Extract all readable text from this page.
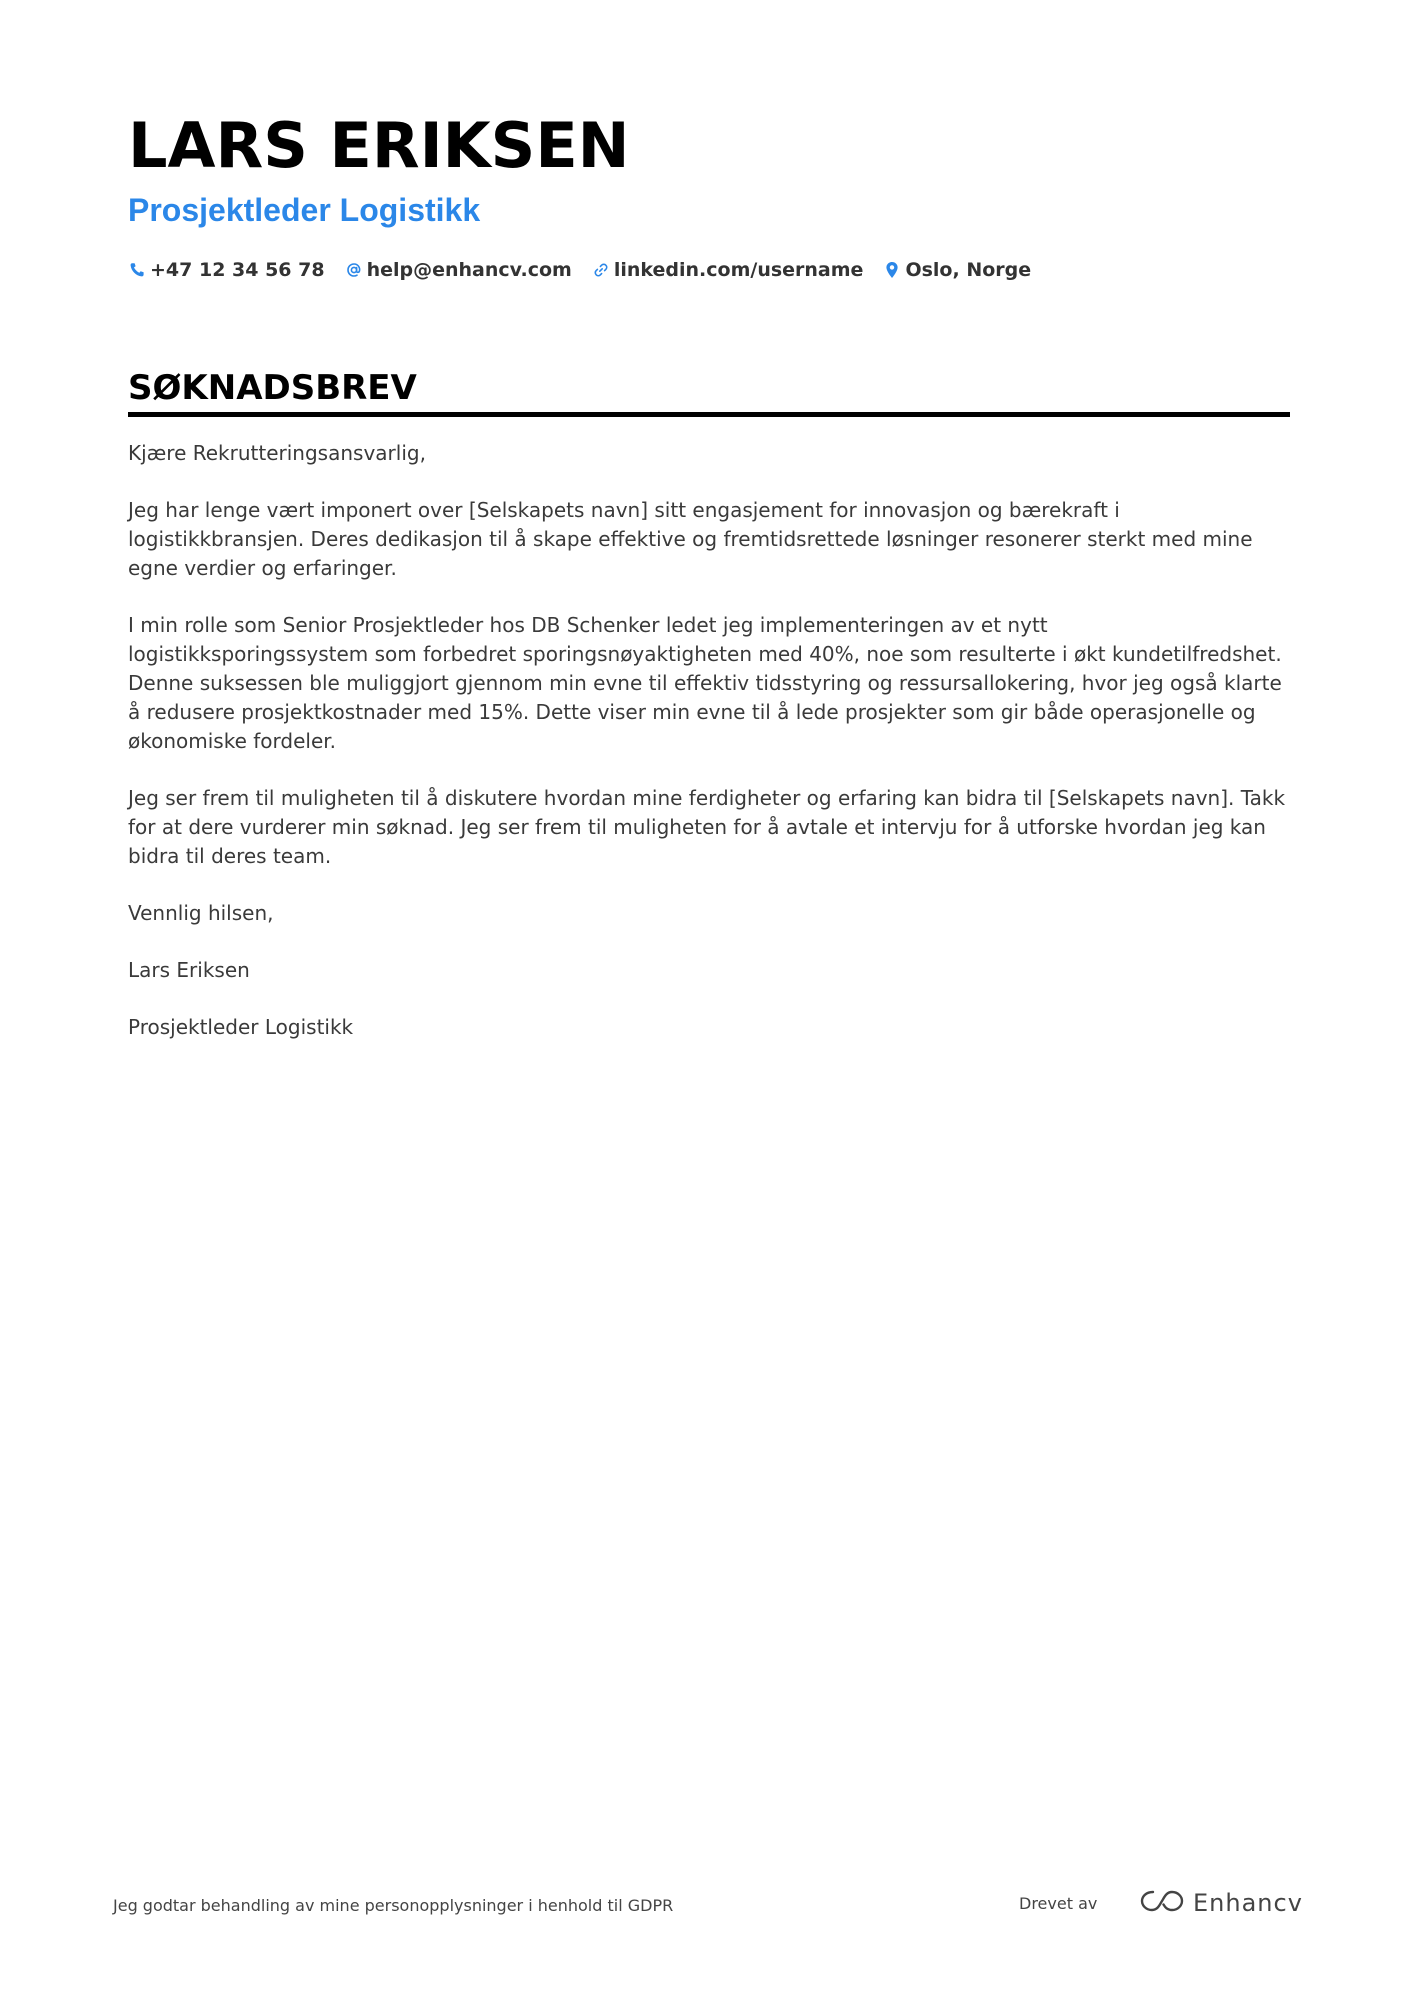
LARS ERIKSEN
Prosjektleder Logistikk
+47 12 34 56 78 help@enhancv.com linkedin.com/username Oslo, Norge
SØKNADSBREV

Kjære Rekrutteringsansvarlig,

Jeg har lenge vært imponert over [Selskapets navn] sitt engasjement for innovasjon og bærekraft i logistikkbransjen. Deres dedikasjon til å skape effektive og fremtidsrettede løsninger resonerer sterkt med mine egne verdier og erfaringer.

I min rolle som Senior Prosjektleder hos DB Schenker ledet jeg implementeringen av et nytt logistikksporingssystem som forbedret sporingsnøyaktigheten med 40%, noe som resulterte i økt kundetilfredshet. Denne suksessen ble muliggjort gjennom min evne til effektiv tidsstyring og ressursallokering, hvor jeg også klarte å redusere prosjektkostnader med 15%. Dette viser min evne til å lede prosjekter som gir både operasjonelle og økonomiske fordeler.

Jeg ser frem til muligheten til å diskutere hvordan mine ferdigheter og erfaring kan bidra til [Selskapets navn]. Takk for at dere vurderer min søknad. Jeg ser frem til muligheten for å avtale et intervju for å utforske hvordan jeg kan bidra til deres team.

Vennlig hilsen,

Lars Eriksen

Prosjektleder Logistikk

Jeg godtar behandling av mine personopplysninger i henhold til GDPR	Drevet av	Enhancv
